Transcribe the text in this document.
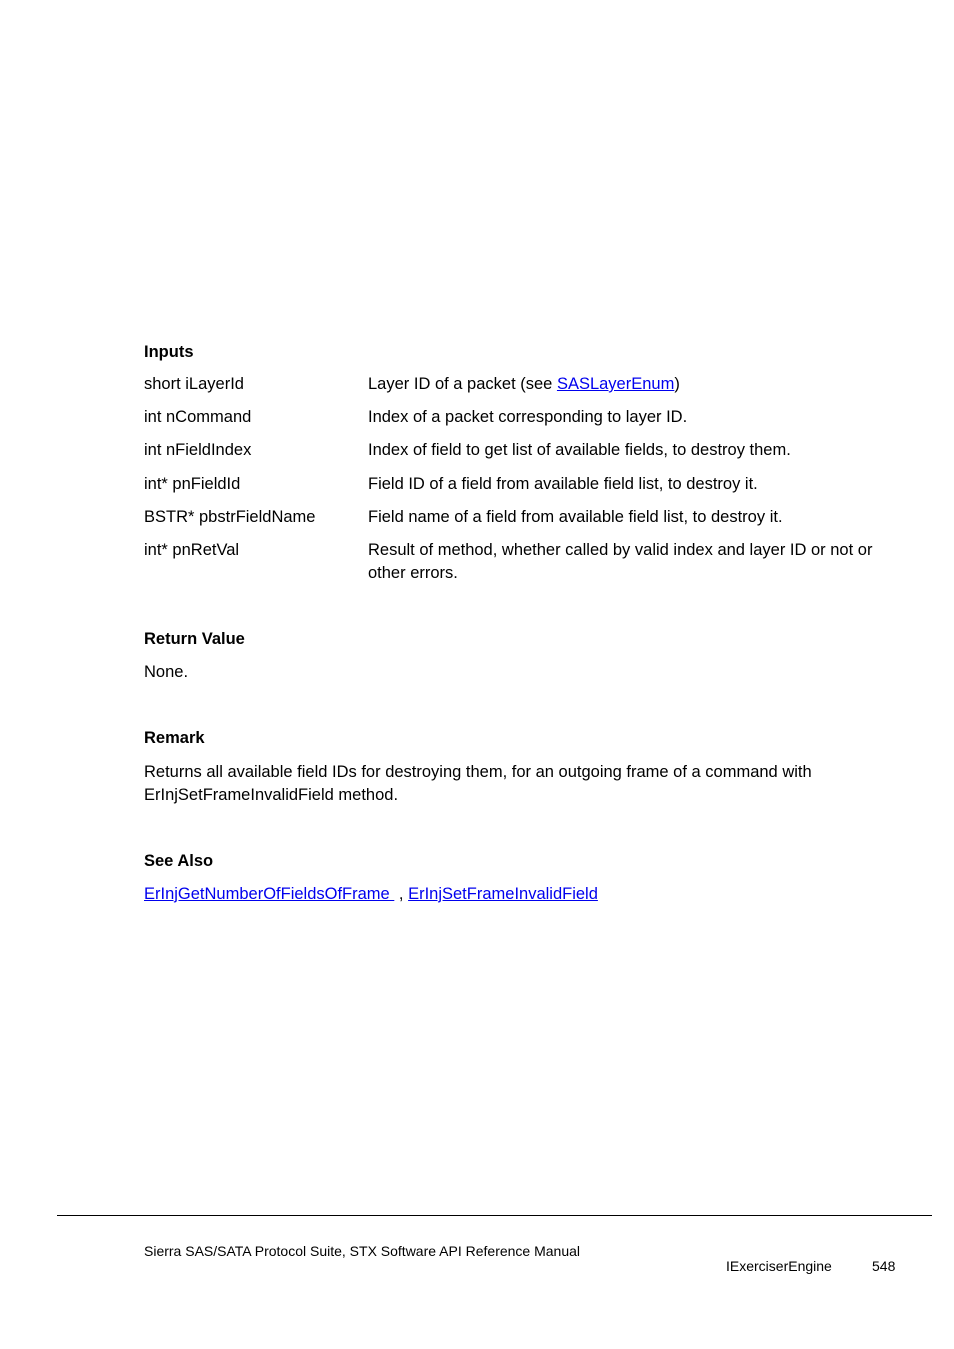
Inputs
short iLayerId	Layer ID of a packet (see SASLayerEnum)
int nCommand	Index of a packet corresponding to layer ID.
int nFieldIndex	Index of field to get list of available fields, to destroy them.
int* pnFieldId	Field ID of a field from available field list, to destroy it.
BSTR* pbstrFieldName	Field name of a field from available field list, to destroy it.
int* pnRetVal	Result of method, whether called by valid index and layer ID or not or other errors.
Return Value
None.
Remark
Returns all available field IDs for destroying them, for an outgoing frame of a command with ErInjSetFrameInvalidField method.
See Also
ErInjGetNumberOfFieldsOfFrame  , ErInjSetFrameInvalidField
Sierra SAS/SATA Protocol Suite, STX Software API Reference Manual
IExerciserEngine	548
